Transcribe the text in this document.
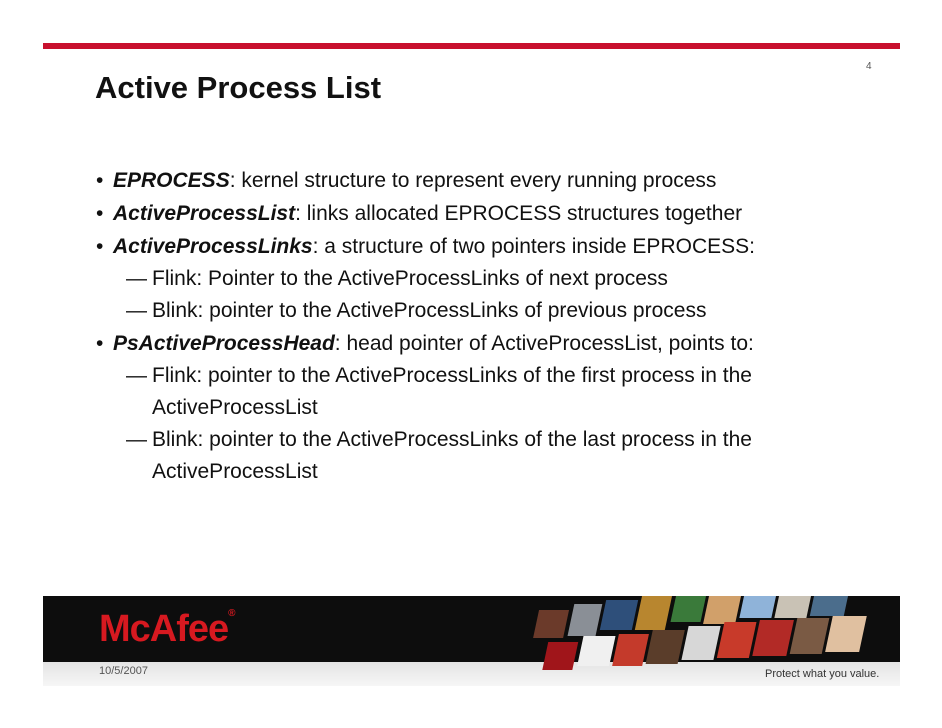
4
Active Process List
• EPROCESS: kernel structure to represent every running process
• ActiveProcessList: links allocated EPROCESS structures together
• ActiveProcessLinks: a structure of two pointers inside EPROCESS:
— Flink: Pointer to the ActiveProcessLinks of next process
— Blink: pointer to the ActiveProcessLinks of previous process
• PsActiveProcessHead: head pointer of ActiveProcessList, points to:
— Flink: pointer to the ActiveProcessLinks of the first process in the
ActiveProcessList
— Blink: pointer to the ActiveProcessLinks of the last process in the
ActiveProcessList
McAfee®
10/5/2007	Protect what you value.
